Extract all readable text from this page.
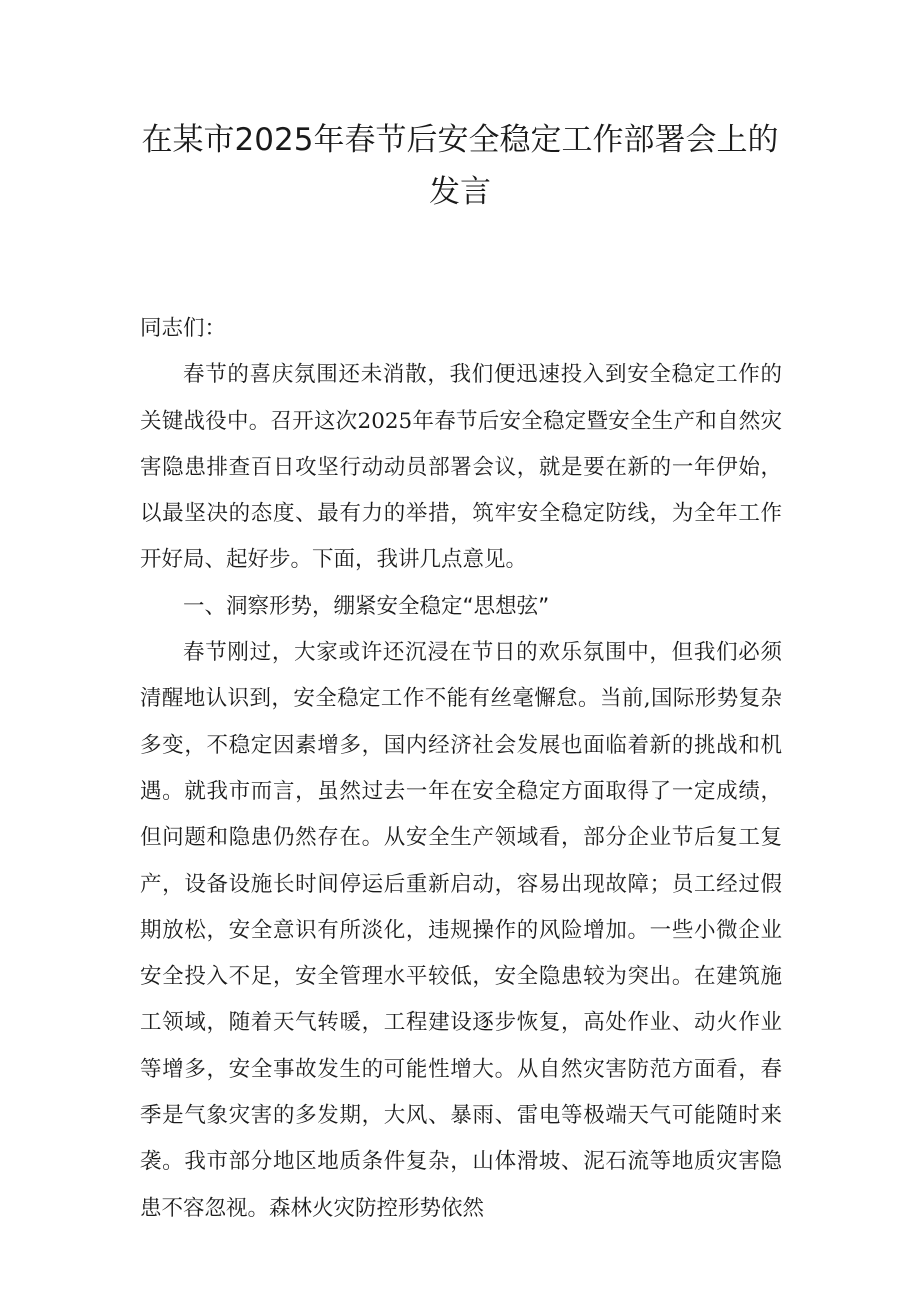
在某市2025年春节后安全稳定工作部署会上的发言

同志们：

春节的喜庆氛围还未消散，我们便迅速投入到安全稳定工作的关键战役中。召开这次2025年春节后安全稳定暨安全生产和自然灾害隐患排查百日攻坚行动动员部署会议，就是要在新的一年伊始，以最坚决的态度、最有力的举措，筑牢安全稳定防线，为全年工作开好局、起好步。下面，我讲几点意见。

一、洞察形势，绷紧安全稳定“思想弦”

春节刚过，大家或许还沉浸在节日的欢乐氛围中，但我们必须清醒地认识到，安全稳定工作不能有丝毫懈怠。当前,国际形势复杂多变，不稳定因素增多，国内经济社会发展也面临着新的挑战和机遇。就我市而言，虽然过去一年在安全稳定方面取得了一定成绩，但问题和隐患仍然存在。从安全生产领域看，部分企业节后复工复产，设备设施长时间停运后重新启动，容易出现故障；员工经过假期放松，安全意识有所淡化，违规操作的风险增加。一些小微企业安全投入不足，安全管理水平较低，安全隐患较为突出。在建筑施工领域，随着天气转暖，工程建设逐步恢复，高处作业、动火作业等增多，安全事故发生的可能性增大。从自然灾害防范方面看，春季是气象灾害的多发期，大风、暴雨、雷电等极端天气可能随时来袭。我市部分地区地质条件复杂，山体滑坡、泥石流等地质灾害隐患不容忽视。森林火灾防控形势依然
